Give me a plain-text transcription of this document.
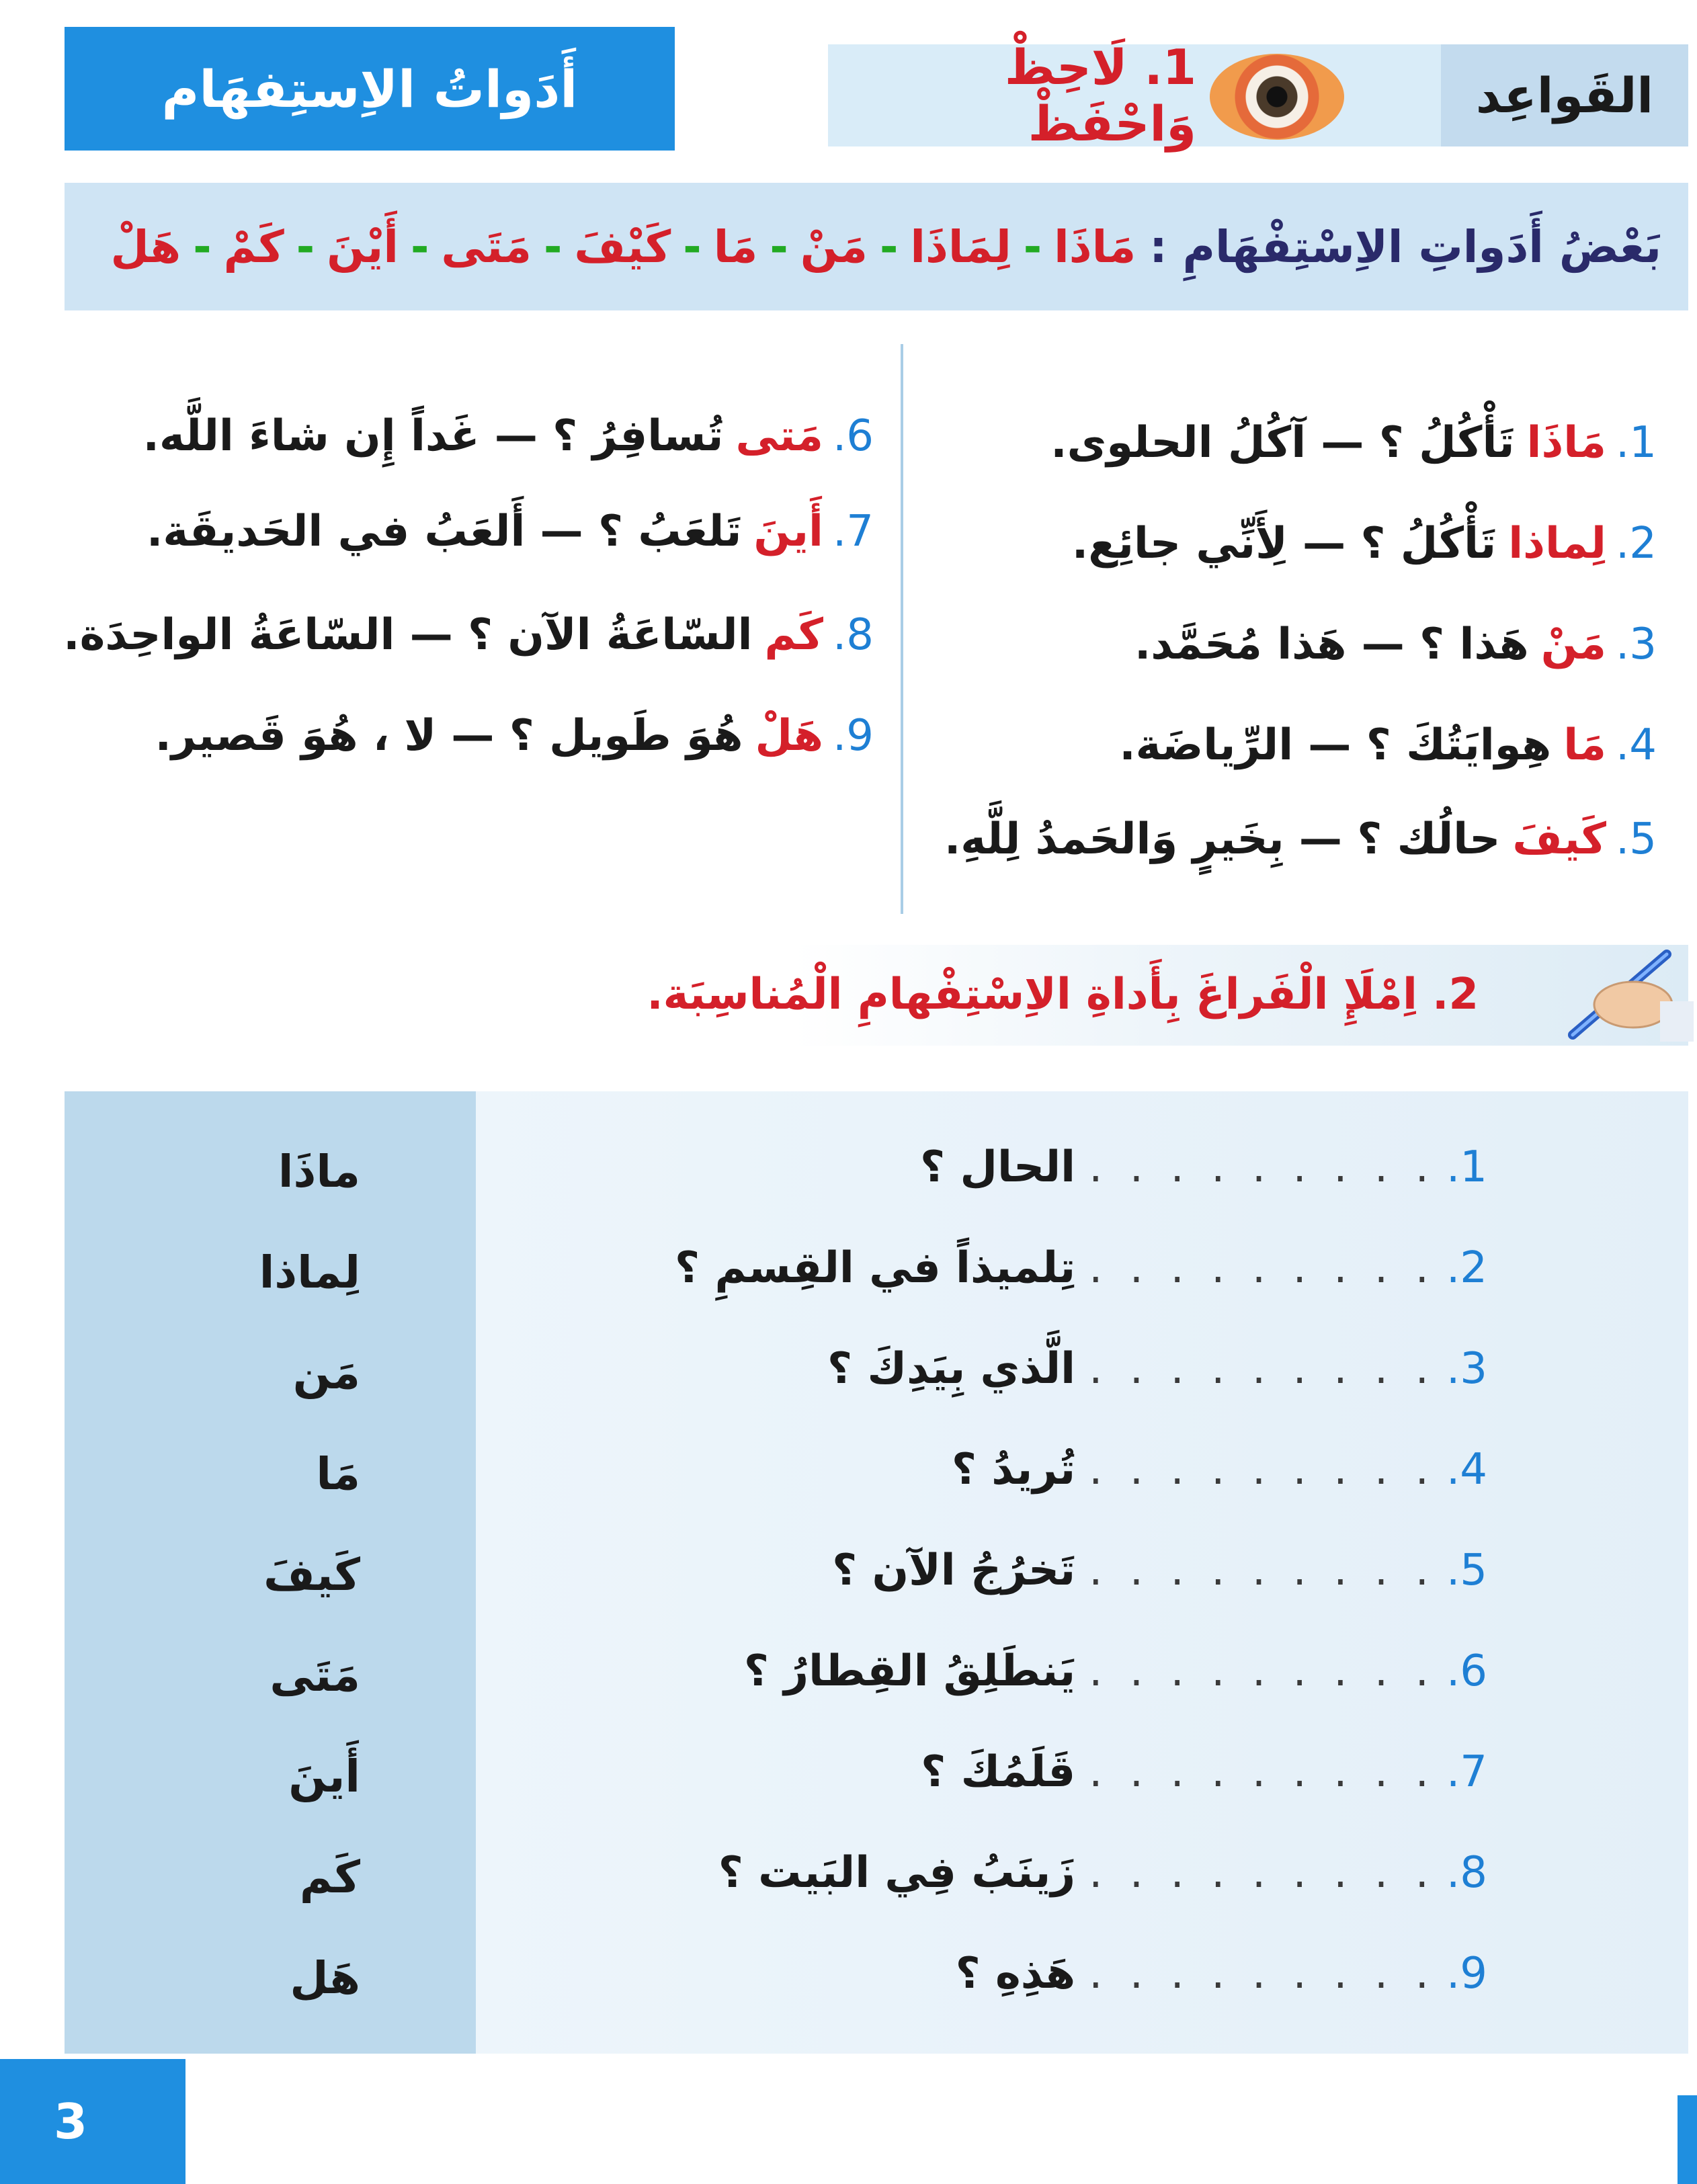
أَدَواتُ الاِستِفهَام	1. لَاحِظْ وَاحْفَظْ	القَواعِد
بَعْضُ أَدَواتِ الاِسْتِفْهَامِ :
مَاذَا
-
لِمَاذَا
-
مَنْ
-
مَا
-
كَيْفَ
-
مَتَى
-
أَيْنَ
-
كَمْ
-
هَلْ
1.
مَاذَا
تَأْكُلُ ؟ — آكُلُ الحلوى.
2.
لِماذا
تَأْكُلُ ؟ — لِأَنِّي جائِع.
3.
مَنْ
هَذا ؟ — هَذا مُحَمَّد.
4.
مَا
هِوايَتُكَ ؟ — الرِّياضَة.
5.
كَيفَ
حالُك ؟ — بِخَيرٍ وَالحَمدُ لِلَّهِ.
6.
مَتى
تُسافِرُ ؟ — غَداً إِن شاءَ اللَّه.
7.
أَينَ
تَلعَبُ ؟ — أَلعَبُ في الحَديقَة.
8.
كَم
السّاعَةُ الآن ؟ — السّاعَةُ الواحِدَة.
9.
هَلْ
هُوَ طَويل ؟ — لا ، هُوَ قَصير.
2. اِمْلَإِ الْفَراغَ بِأَداةِ الاِسْتِفْهامِ الْمُناسِبَة.
ماذَا
لِماذا
مَن
مَا
كَيفَ
مَتَى
أَينَ
كَم
هَل
1.
. . . . . . . . .
الحال ؟
2.
. . . . . . . . .
تِلميذاً في القِسمِ ؟
3.
. . . . . . . . .
الَّذي بِيَدِكَ ؟
4.
. . . . . . . . .
تُريدُ ؟
5.
. . . . . . . . .
تَخرُجُ الآن ؟
6.
. . . . . . . . .
يَنطَلِقُ القِطارُ ؟
7.
. . . . . . . . .
قَلَمُكَ ؟
8.
. . . . . . . . .
زَينَبُ فِي البَيت ؟
9.
. . . . . . . . .
هَذِهِ ؟
3
